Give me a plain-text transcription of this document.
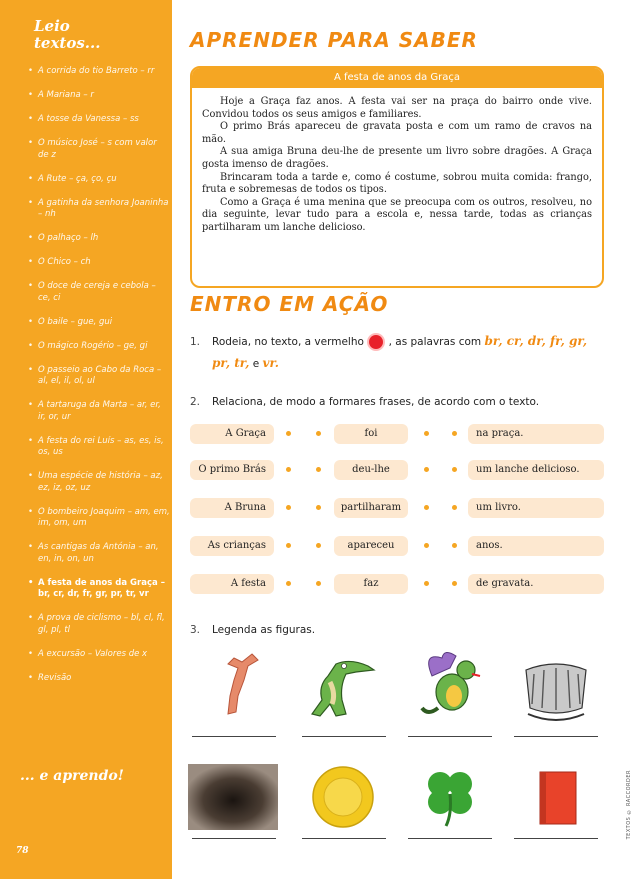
Leio
textos...
• A corrida do tio Barreto – rr
• A Mariana – r
• A tosse da Vanessa – ss
• O músico José – s com valor de z
• A Rute – ça, ço, çu
• A gatinha da senhora Joaninha – nh
• O palhaço – lh
• O Chico – ch
• O doce de cereja e cebola – ce, ci
• O baile – gue, gui
• O mágico Rogério – ge, gi
• O passeio ao Cabo da Roca – al, el, il, ol, ul
• A tartaruga da Marta – ar, er, ir, or, ur
• A festa do rei Luís – as, es, is, os, us
• Uma espécie de história – az, ez, iz, oz, uz
• O bombeiro Joaquim – am, em, im, om, um
• As cantigas da Antónia – an, en, in, on, un
• A festa de anos da Graça – br, cr, dr, fr, gr, pr, tr, vr
• A prova de ciclismo – bl, cl, fl, gl, pl, tl
• A excursão – Valores de x
• Revisão
... e aprendo!
78
APRENDER PARA SABER
A festa de anos da Graça

Hoje a Graça faz anos. A festa vai ser na praça do bairro onde vive. Convidou todos os seus amigos e familiares.

O primo Brás apareceu de gravata posta e com um ramo de cravos na mão.

A sua amiga Bruna deu-lhe de presente um livro sobre dragões. A Graça gosta imenso de dragões.

Brincaram toda a tarde e, como é costume, sobrou muita comida: frango, fruta e sobremesas de todos os tipos.

Como a Graça é uma menina que se preocupa com os outros, resolveu, no dia seguinte, levar tudo para a escola e, nessa tarde, todas as crianças partilharam um lanche delicioso.

ENTRO EM AÇÃO
1. Rodeia, no texto, a vermelho , as palavras com br, cr, dr, fr, gr,
pr, tr, e vr.
2. Relaciona, de modo a formares frases, de acordo com o texto.
A Graça	foi	na praça.
O primo Brás	deu-lhe	um lanche delicioso.
A Bruna	partilharam	um livro.
As crianças	apareceu	anos.
A festa	faz	de gravata.
3. Legenda as figuras.
TEXTOS © RACCORDER
